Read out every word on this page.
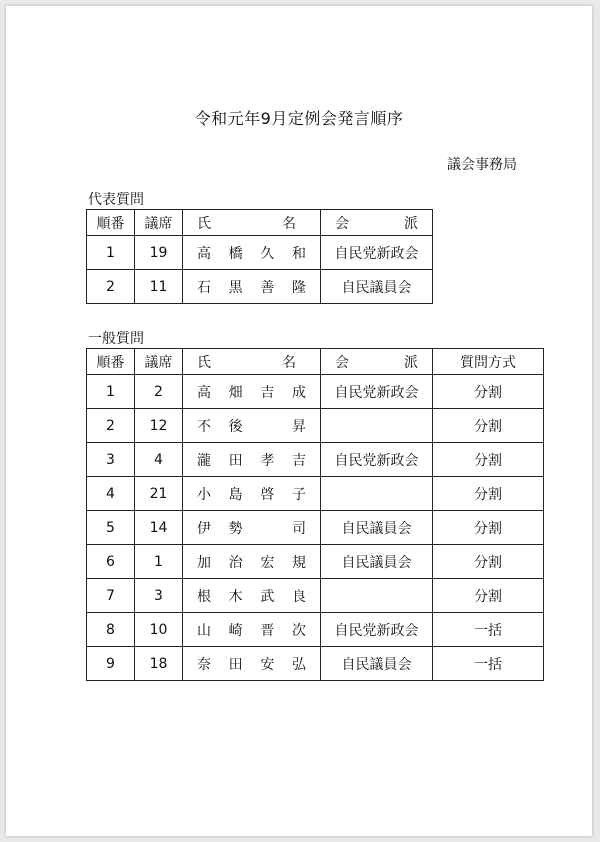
令和元年9月定例会発言順序
議会事務局
代表質問
順番	議席	氏 名	会 派

1	19	高 橋 久 和	自民党新政会
2	11	石 黒 善 隆	自民議員会
一般質問
順番	議席	氏 名	会 派	質問方式
1	2	高 畑 吉 成	自民党新政会	分割
2	12	不 後 昇		分割
3	4	瀧 田 孝 吉	自民党新政会	分割
4	21	小 島 啓 子		分割
5	14	伊 勢 司	自民議員会	分割
6	1	加 治 宏 規	自民議員会	分割
7	3	根 木 武 良		分割
8	10	山 崎 晋 次	自民党新政会	一括
9	18	奈 田 安 弘	自民議員会	一括
